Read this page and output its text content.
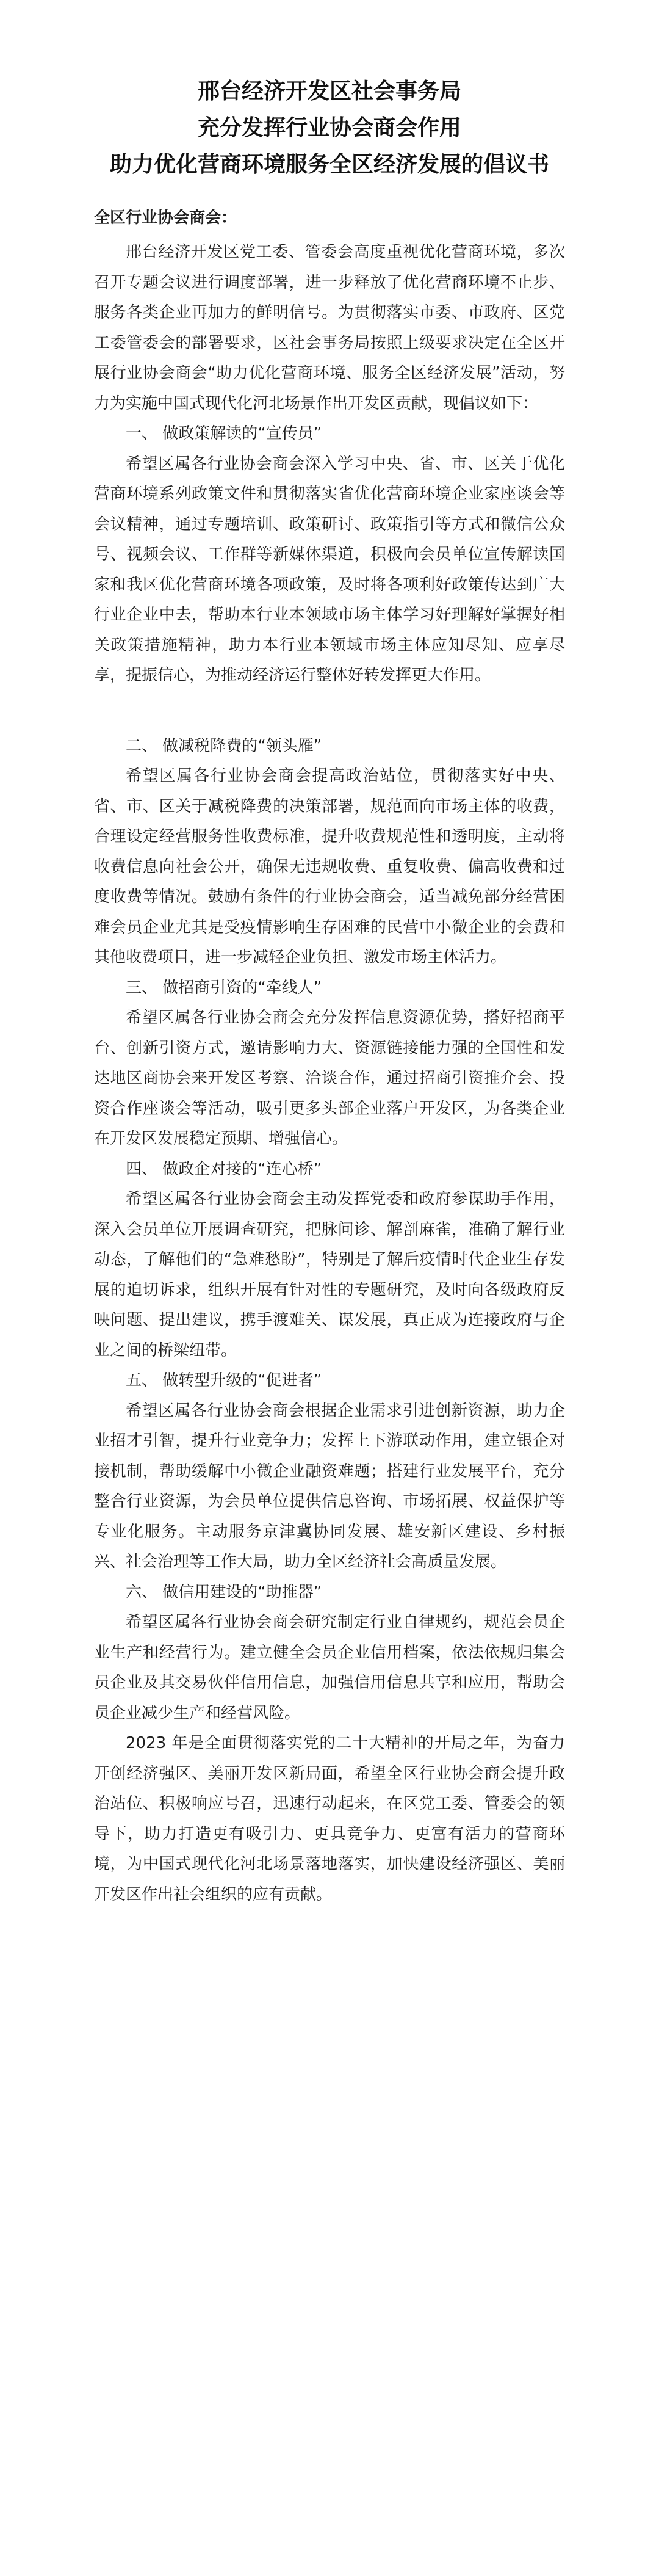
邢台经济开发区社会事务局
充分发挥行业协会商会作用
助力优化营商环境服务全区经济发展的倡议书
全区行业协会商会：

邢台经济开发区党工委、管委会高度重视优化营商环境，多次召开专题会议进行调度部署，进一步释放了优化营商环境不止步、服务各类企业再加力的鲜明信号。为贯彻落实市委、市政府、区党工委管委会的部署要求，区社会事务局按照上级要求决定在全区开展行业协会商会“助力优化营商环境、服务全区经济发展”活动，努力为实施中国式现代化河北场景作出开发区贡献，现倡议如下：

一、 做政策解读的“宣传员”

希望区属各行业协会商会深入学习中央、省、市、区关于优化营商环境系列政策文件和贯彻落实省优化营商环境企业家座谈会等会议精神，通过专题培训、政策研讨、政策指引等方式和微信公众号、视频会议、工作群等新媒体渠道，积极向会员单位宣传解读国家和我区优化营商环境各项政策，及时将各项利好政策传达到广大行业企业中去，帮助本行业本领域市场主体学习好理解好掌握好相关政策措施精神，助力本行业本领域市场主体应知尽知、应享尽享，提振信心，为推动经济运行整体好转发挥更大作用。

二、 做减税降费的“领头雁”

希望区属各行业协会商会提高政治站位，贯彻落实好中央、省、市、区关于减税降费的决策部署，规范面向市场主体的收费，合理设定经营服务性收费标准，提升收费规范性和透明度，主动将收费信息向社会公开，确保无违规收费、重复收费、偏高收费和过度收费等情况。鼓励有条件的行业协会商会，适当减免部分经营困难会员企业尤其是受疫情影响生存困难的民营中小微企业的会费和其他收费项目，进一步减轻企业负担、激发市场主体活力。

三、 做招商引资的“牵线人”

希望区属各行业协会商会充分发挥信息资源优势，搭好招商平台、创新引资方式，邀请影响力大、资源链接能力强的全国性和发达地区商协会来开发区考察、洽谈合作，通过招商引资推介会、投资合作座谈会等活动，吸引更多头部企业落户开发区，为各类企业在开发区发展稳定预期、增强信心。

四、 做政企对接的“连心桥”

希望区属各行业协会商会主动发挥党委和政府参谋助手作用，深入会员单位开展调查研究，把脉问诊、解剖麻雀，准确了解行业动态，了解他们的“急难愁盼”，特别是了解后疫情时代企业生存发展的迫切诉求，组织开展有针对性的专题研究，及时向各级政府反映问题、提出建议，携手渡难关、谋发展，真正成为连接政府与企业之间的桥梁纽带。

五、 做转型升级的“促进者”

希望区属各行业协会商会根据企业需求引进创新资源，助力企业招才引智，提升行业竞争力；发挥上下游联动作用，建立银企对接机制，帮助缓解中小微企业融资难题；搭建行业发展平台，充分整合行业资源，为会员单位提供信息咨询、市场拓展、权益保护等专业化服务。主动服务京津冀协同发展、雄安新区建设、乡村振兴、社会治理等工作大局，助力全区经济社会高质量发展。

六、 做信用建设的“助推器”

希望区属各行业协会商会研究制定行业自律规约，规范会员企业生产和经营行为。建立健全会员企业信用档案，依法依规归集会员企业及其交易伙伴信用信息，加强信用信息共享和应用，帮助会员企业减少生产和经营风险。

2023 年是全面贯彻落实党的二十大精神的开局之年，为奋力开创经济强区、美丽开发区新局面，希望全区行业协会商会提升政治站位、积极响应号召，迅速行动起来，在区党工委、管委会的领导下，助力打造更有吸引力、更具竞争力、更富有活力的营商环境，为中国式现代化河北场景落地落实，加快建设经济强区、美丽开发区作出社会组织的应有贡献。
